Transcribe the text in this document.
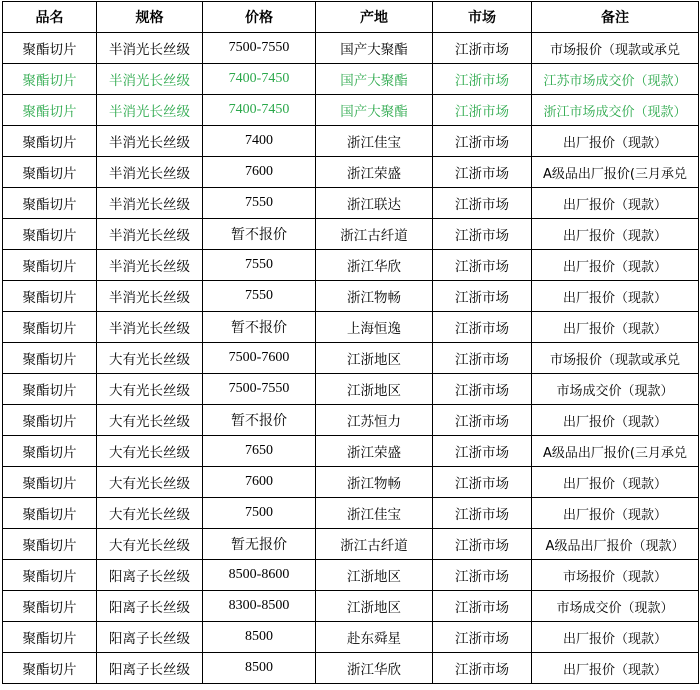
品名	规格	价格	产地	市场	备注
聚酯切片	半消光长丝级	7500-7550	国产大聚酯	江浙市场	市场报价（现款或承兑
聚酯切片	半消光长丝级	7400-7450	国产大聚酯	江浙市场	江苏市场成交价（现款）
聚酯切片	半消光长丝级	7400-7450	国产大聚酯	江浙市场	浙江市场成交价（现款）
聚酯切片	半消光长丝级	7400	浙江佳宝	江浙市场	出厂报价（现款）
聚酯切片	半消光长丝级	7600	浙江荣盛	江浙市场	A级品出厂报价(三月承兑
聚酯切片	半消光长丝级	7550	浙江联达	江浙市场	出厂报价（现款）
聚酯切片	半消光长丝级	暂不报价	浙江古纤道	江浙市场	出厂报价（现款）
聚酯切片	半消光长丝级	7550	浙江华欣	江浙市场	出厂报价（现款）
聚酯切片	半消光长丝级	7550	浙江物畅	江浙市场	出厂报价（现款）
聚酯切片	半消光长丝级	暂不报价	上海恒逸	江浙市场	出厂报价（现款）
聚酯切片	大有光长丝级	7500-7600	江浙地区	江浙市场	市场报价（现款或承兑
聚酯切片	大有光长丝级	7500-7550	江浙地区	江浙市场	市场成交价（现款）
聚酯切片	大有光长丝级	暂不报价	江苏恒力	江浙市场	出厂报价（现款）
聚酯切片	大有光长丝级	7650	浙江荣盛	江浙市场	A级品出厂报价(三月承兑
聚酯切片	大有光长丝级	7600	浙江物畅	江浙市场	出厂报价（现款）
聚酯切片	大有光长丝级	7500	浙江佳宝	江浙市场	出厂报价（现款）
聚酯切片	大有光长丝级	暂无报价	浙江古纤道	江浙市场	A级品出厂报价（现款）
聚酯切片	阳离子长丝级	8500-8600	江浙地区	江浙市场	市场报价（现款）
聚酯切片	阳离子长丝级	8300-8500	江浙地区	江浙市场	市场成交价（现款）
聚酯切片	阳离子长丝级	8500	赴东舜星	江浙市场	出厂报价（现款）
聚酯切片	阳离子长丝级	8500	浙江华欣	江浙市场	出厂报价（现款）
